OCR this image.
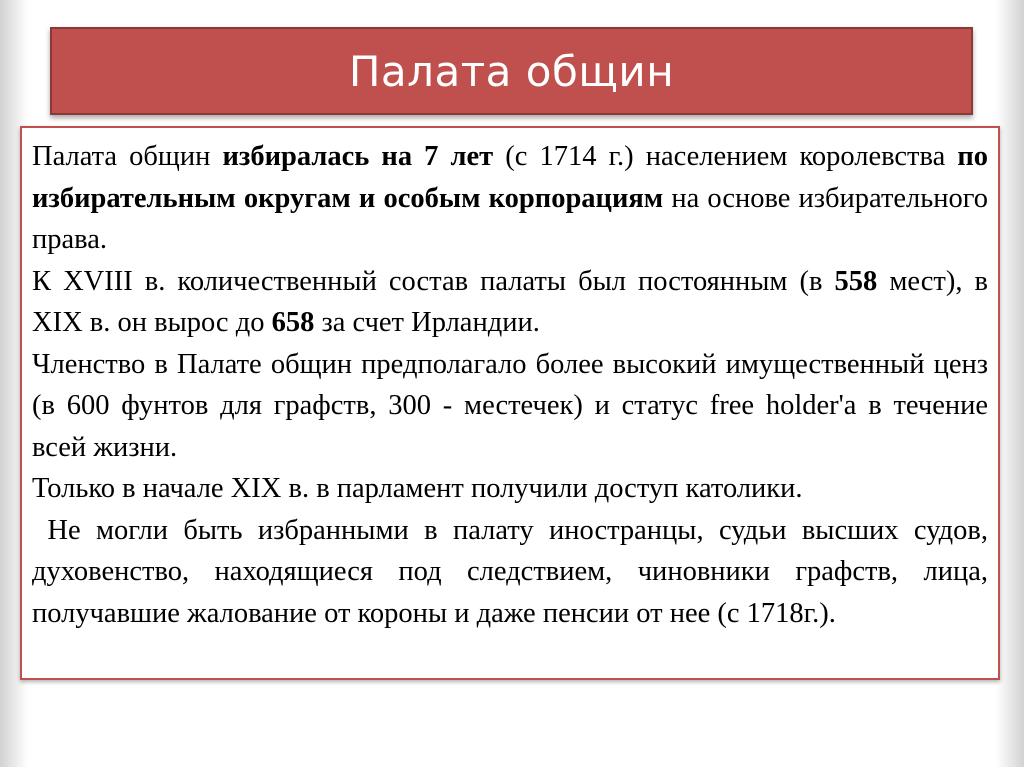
Палата общин

Палата общин избиралась на 7 лет (с 1714 г.) населением королевства по избирательным округам и особым корпорациям на основе избирательного права.

К XVIII в. количественный состав палаты был постоянным (в 558 мест), в XIX в. он вырос до 658 за счет Ирландии.

Членство в Палате общин предполагало более высокий имущественный ценз (в 600 фунтов для графств, 300 - местечек) и статус free holder'a в течение всей жизни.

Только в начале XIX в. в парламент получили доступ католики.

Не могли быть избранными в палату иностранцы, судьи высших судов, духовенство, находящиеся под следствием, чиновники графств, лица, получавшие жалование от короны и даже пенсии от нее (с 1718г.).
